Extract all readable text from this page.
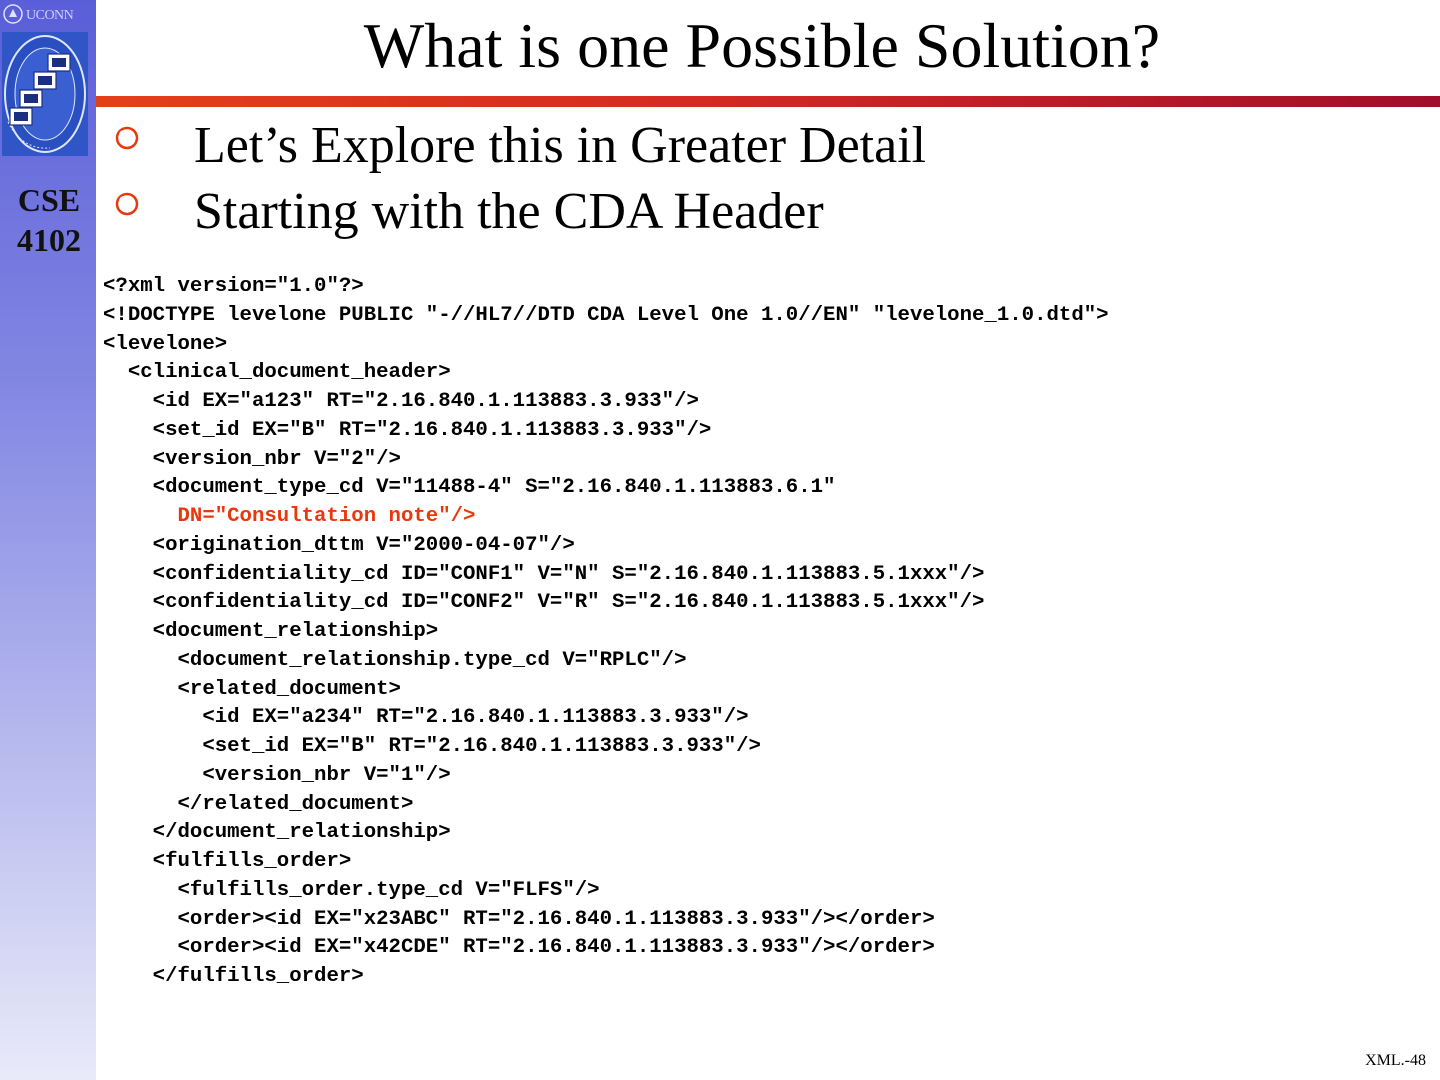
UCONN
CSE
4102
What is one Possible Solution?
Let’s Explore this in Greater Detail
Starting with the CDA Header
<?xml version="1.0"?>
<!DOCTYPE levelone PUBLIC "-//HL7//DTD CDA Level One 1.0//EN" "levelone_1.0.dtd">
<levelone>
<clinical_document_header>
<id EX="a123" RT="2.16.840.1.113883.3.933"/>
<set_id EX="B" RT="2.16.840.1.113883.3.933"/>
<version_nbr V="2"/>
<document_type_cd V="11488-4" S="2.16.840.1.113883.6.1"
DN="Consultation note"/>
<origination_dttm V="2000-04-07"/>
<confidentiality_cd ID="CONF1" V="N" S="2.16.840.1.113883.5.1xxx"/>
<confidentiality_cd ID="CONF2" V="R" S="2.16.840.1.113883.5.1xxx"/>
<document_relationship>
<document_relationship.type_cd V="RPLC"/>
<related_document>
<id EX="a234" RT="2.16.840.1.113883.3.933"/>
<set_id EX="B" RT="2.16.840.1.113883.3.933"/>
<version_nbr V="1"/>
</related_document>
</document_relationship>
<fulfills_order>
<fulfills_order.type_cd V="FLFS"/>
<order><id EX="x23ABC" RT="2.16.840.1.113883.3.933"/></order>
<order><id EX="x42CDE" RT="2.16.840.1.113883.3.933"/></order>
</fulfills_order>
XML.-48
